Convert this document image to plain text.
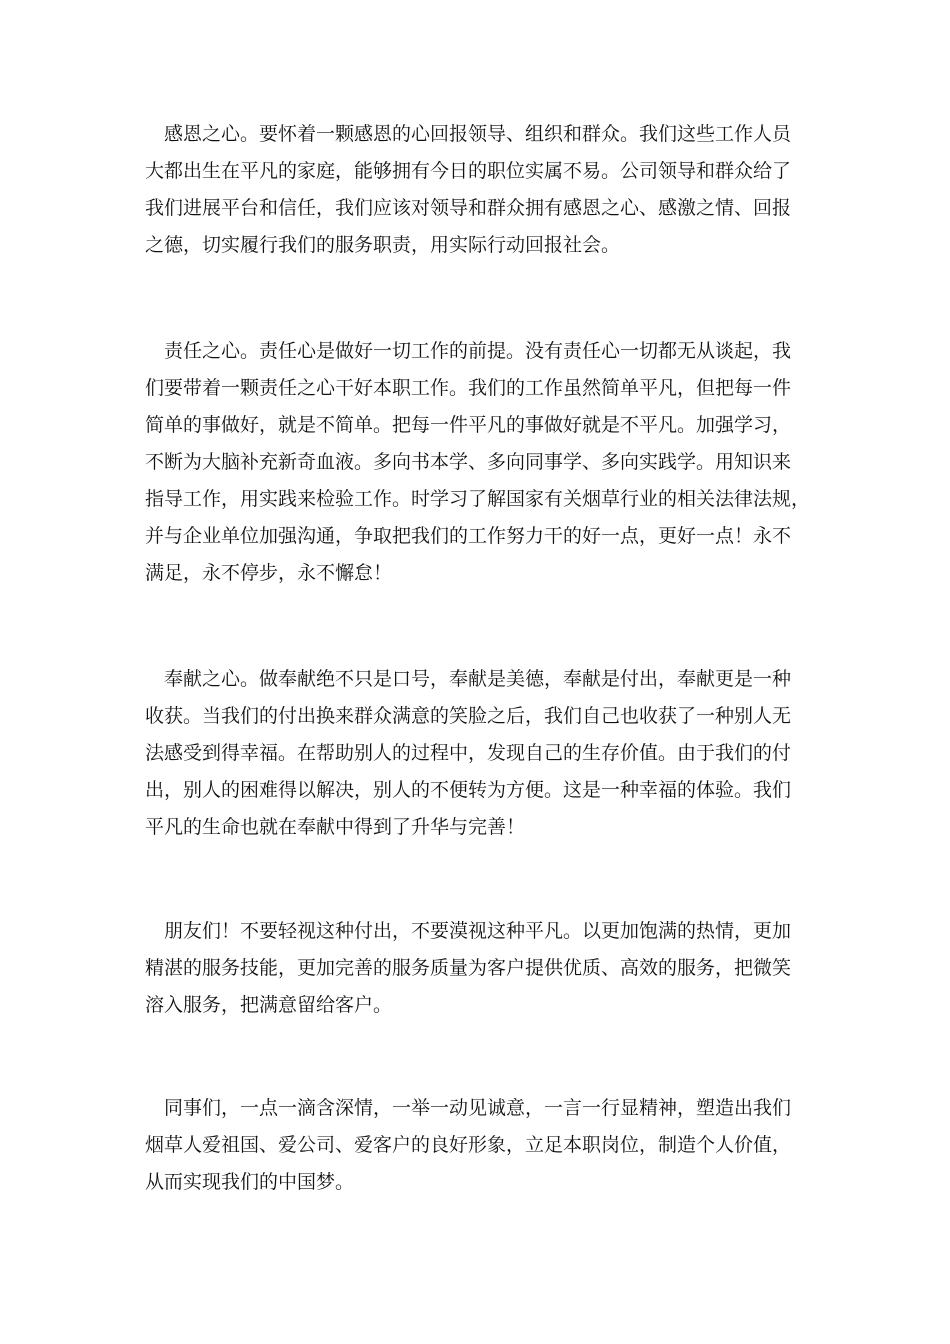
感恩之心。要怀着一颗感恩的心回报领导、组织和群众。我们这些工作人员
大都出生在平凡的家庭，能够拥有今日的职位实属不易。公司领导和群众给了
我们进展平台和信任，我们应该对领导和群众拥有感恩之心、感激之情、回报
之德，切实履行我们的服务职责，用实际行动回报社会。
责任之心。责任心是做好一切工作的前提。没有责任心一切都无从谈起，我
们要带着一颗责任之心干好本职工作。我们的工作虽然简单平凡，但把每一件
简单的事做好，就是不简单。把每一件平凡的事做好就是不平凡。加强学习，
不断为大脑补充新奇血液。多向书本学、多向同事学、多向实践学。用知识来
指导工作，用实践来检验工作。时学习了解国家有关烟草行业的相关法律法规，
并与企业单位加强沟通，争取把我们的工作努力干的好一点，更好一点！永不
满足，永不停步，永不懈怠！
奉献之心。做奉献绝不只是口号，奉献是美德，奉献是付出，奉献更是一种
收获。当我们的付出换来群众满意的笑脸之后，我们自己也收获了一种别人无
法感受到得幸福。在帮助别人的过程中，发现自己的生存价值。由于我们的付
出，别人的困难得以解决，别人的不便转为方便。这是一种幸福的体验。我们
平凡的生命也就在奉献中得到了升华与完善！
朋友们！不要轻视这种付出，不要漠视这种平凡。以更加饱满的热情，更加
精湛的服务技能，更加完善的服务质量为客户提供优质、高效的服务，把微笑
溶入服务，把满意留给客户。
同事们，一点一滴含深情，一举一动见诚意，一言一行显精神，塑造出我们
烟草人爱祖国、爱公司、爱客户的良好形象，立足本职岗位，制造个人价值，
从而实现我们的中国梦。
